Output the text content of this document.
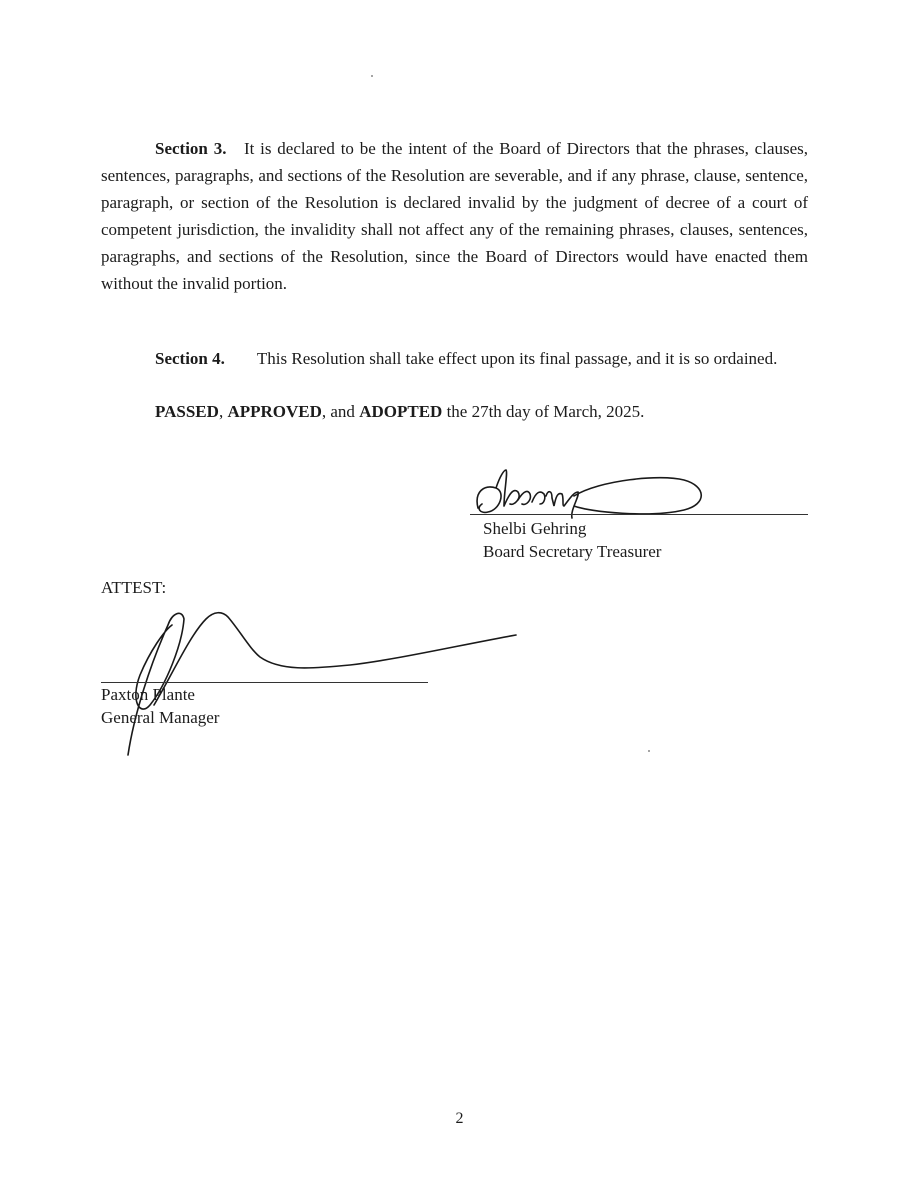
Section 3. It is declared to be the intent of the Board of Directors that the phrases, clauses, sentences, paragraphs, and sections of the Resolution are severable, and if any phrase, clause, sentence, paragraph, or section of the Resolution is declared invalid by the judgment of decree of a court of competent jurisdiction, the invalidity shall not affect any of the remaining phrases, clauses, sentences, paragraphs, and sections of the Resolution, since the Board of Directors would have enacted them without the invalid portion.

Section 4. This Resolution shall take effect upon its final passage, and it is so ordained.

PASSED, APPROVED, and ADOPTED the 27th day of March, 2025.

Shelbi Gehring
Board Secretary Treasurer
ATTEST:
Paxton Plante
General Manager
2
